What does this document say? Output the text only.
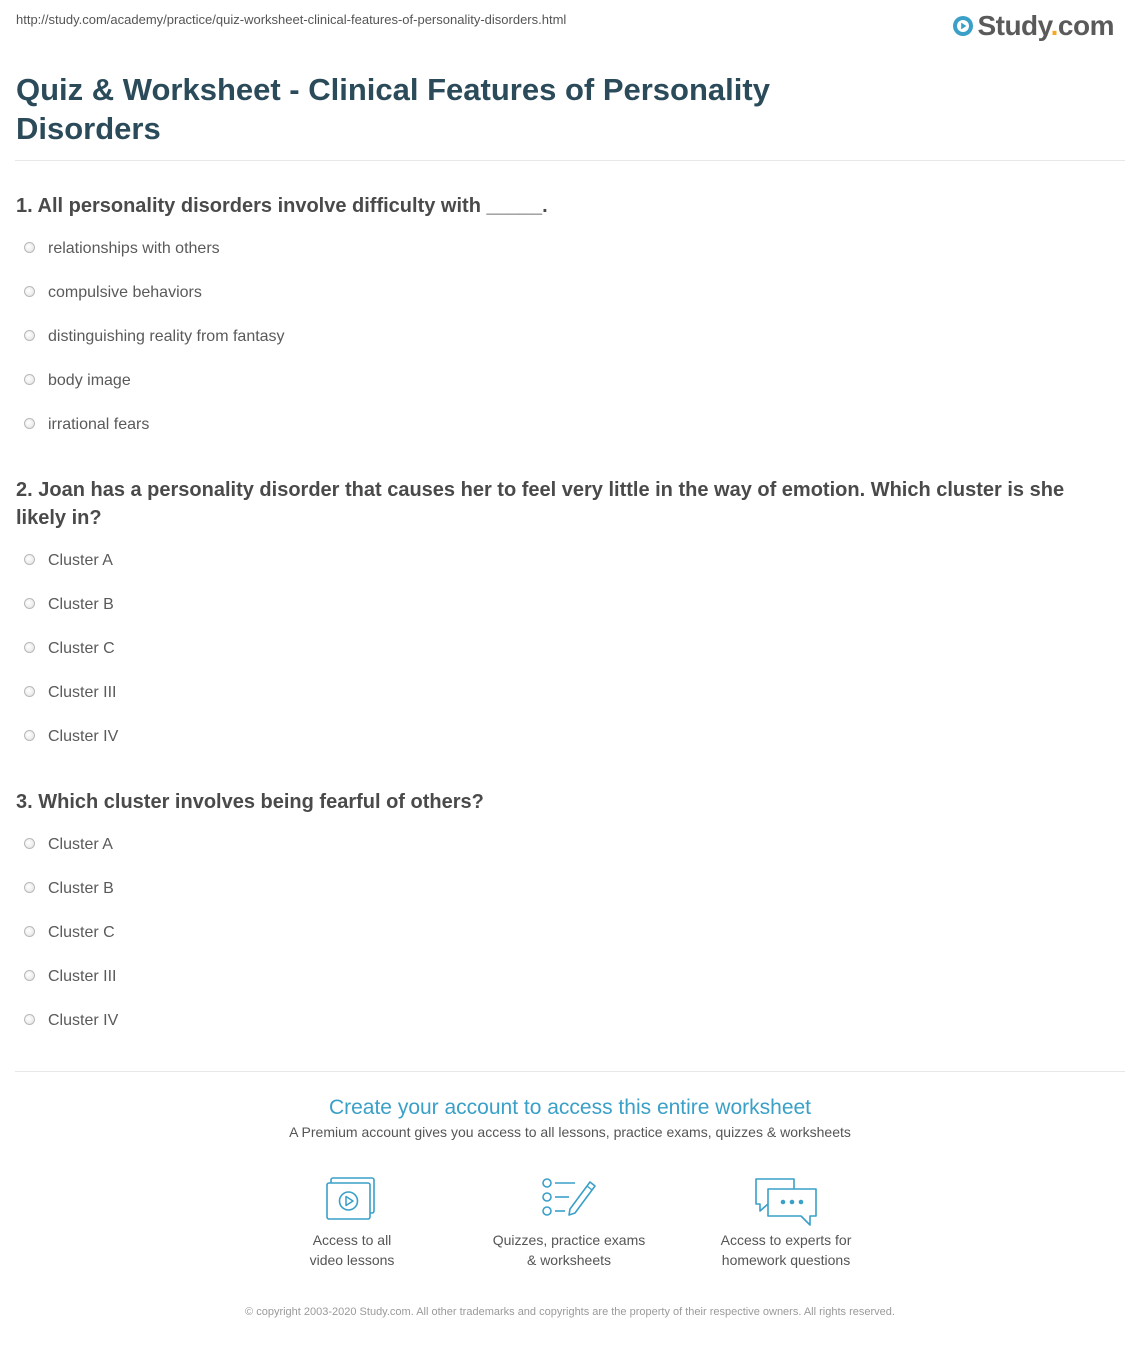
http://study.com/academy/practice/quiz-worksheet-clinical-features-of-personality-disorders.html	Study.com
Quiz & Worksheet - Clinical Features of Personality Disorders

1. All personality disorders involve difficulty with _____.

relationships with others
compulsive behaviors
distinguishing reality from fantasy
body image
irrational fears

2. Joan has a personality disorder that causes her to feel very little in the way of emotion. Which cluster is she likely in?

Cluster A
Cluster B
Cluster C
Cluster III
Cluster IV

3. Which cluster involves being fearful of others?

Cluster A
Cluster B
Cluster C
Cluster III
Cluster IV

Create your account to access this entire worksheet

A Premium account gives you access to all lessons, practice exams, quizzes & worksheets
Access to all
video lessons
Quizzes, practice exams
& worksheets
Access to experts for
homework questions
© copyright 2003-2020 Study.com. All other trademarks and copyrights are the property of their respective owners. All rights reserved.
